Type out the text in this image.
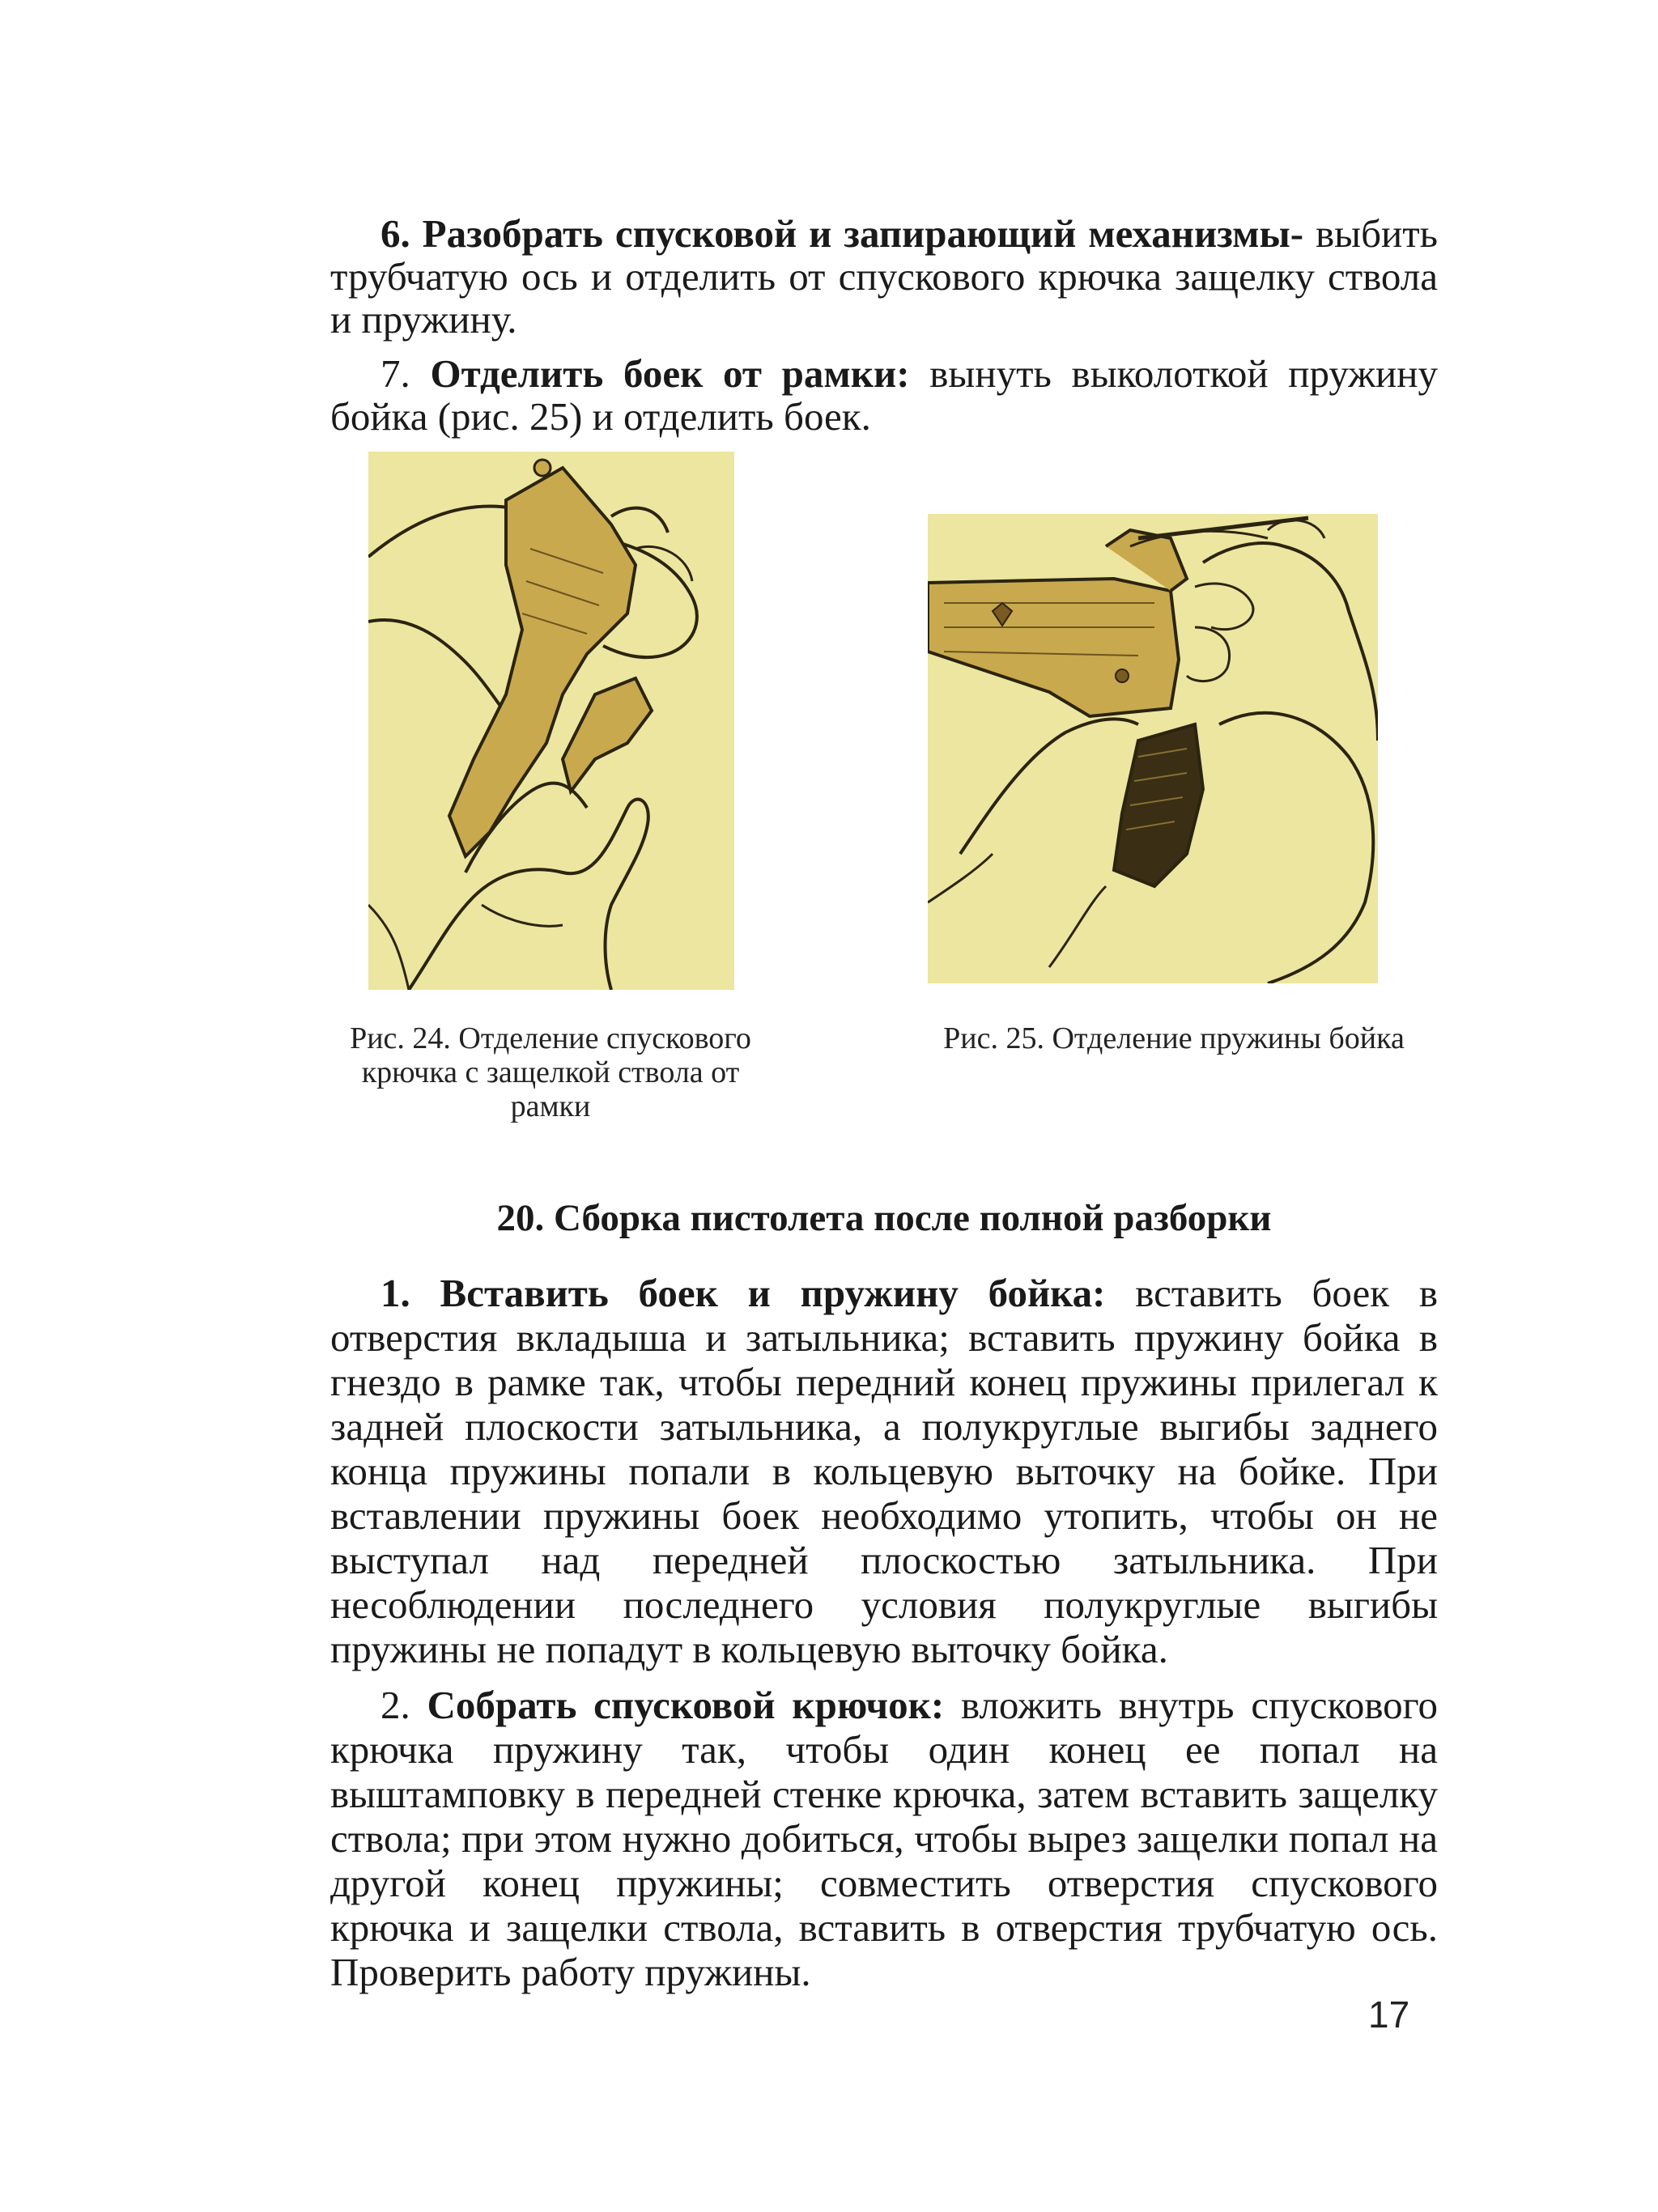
6. Разобрать спусковой и запирающий механизмы- выбить трубчатую ось и отделить от спускового крючка защелку ствола и пружину.

7. Отделить боек от рамки: вынуть выколоткой пружину бойка (рис. 25) и отделить боек.

Рис. 24. Отделение спускового крючка с защелкой ствола от рамки
Рис. 25. Отделение пружины бойка
20. Сборка пистолета после полной разборки

1. Вставить боек и пружину бойка: вставить боек в отверстия вкладыша и затыльника; вставить пружину бойка в гнездо в рамке так, чтобы передний конец пружины прилегал к задней плоскости затыльника, а полукруглые выгибы заднего конца пружины попали в кольцевую выточку на бойке. При вставлении пружины боек необходимо утопить, чтобы он не выступал над передней плоскостью затыльника. При несоблюдении последнего условия полукруглые выгибы пружины не попадут в кольцевую выточку бойка.

2. Собрать спусковой крючок: вложить внутрь спускового крючка пружину так, чтобы один конец ее попал на выштамповку в передней стенке крючка, затем вставить защелку ствола; при этом нужно добиться, чтобы вырез защелки попал на другой конец пружины; совместить отверстия спускового крючка и защелки ствола, вставить в отверстия трубчатую ось. Проверить работу пружины.

17
